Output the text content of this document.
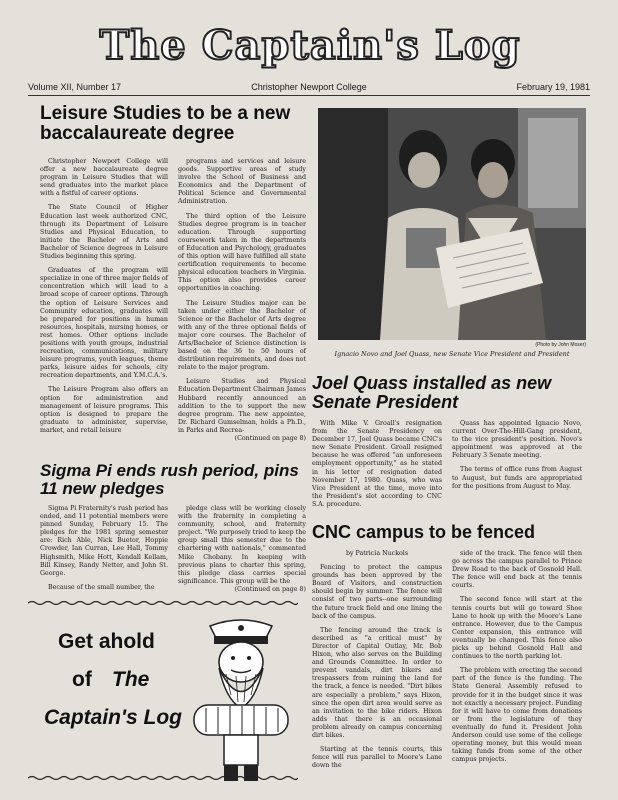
The Captain's Log
Volume XII, Number 17	Christopher Newport College	February 19, 1981
Leisure Studies to be a new baccalaureate degree

Christopher Newport College will offer a new baccalaureate degree program in Leisure Studies that will send graduates into the market place with a fistful of career options.

The State Council of Higher Education last week authorized CNC, through its Department of Leisure Studies and Physical Education, to initiate the Bachelor of Arts and Bachelor of Science degrees in Leisure Studies beginning this spring.

Graduates of the program will specialize in one of three major fields of concentration which will lead to a broad scope of career options. Through the option of Leisure Services and Community education, graduates will be prepared for positions in human resources, hospitals, nursing homes, or rest homes. Other options include positions with youth groups, industrial recreation, communications, military leisure programs, youth leagues, theme parks, leisure aides for schools, city recreation departments, and Y.M.C.A.'s.

The Leisure Program also offers an option for administration and management of leisure programs. This option is designed to prepare the graduate to administer, supervise, market, and retail leisure

programs and services and leisure goods. Supportive areas of study involve the School of Business and Economics and the Department of Political Science and Governmental Administration.

The third option of the Leisure Studies degree program is in teacher education. Through supporting coursework taken in the departments of Education and Psychology, graduates of this option will have fulfilled all state certification requirements to become physical education teachers in Virginia. This option also provides career opportunities in coaching.

The Leisure Studies major can be taken under either the Bachelor of Science or the Bachelor of Arts degree with any of the three optional fields of major core courses. The Bachelor of Arts/Bachelor of Science distinction is based on the 36 to 50 hours of distribution requirements, and does not relate to the major program.

Leisure Studies and Physical Education Department Chairman James Hubbard recently announced an addition to the to support the new degree program. The new appointee, Dr. Richard Gumselman, holds a Ph.D., in Parks and Recrea-

(Continued on page 8)

(Photo by John Moser)
Ignacio Novo and Joel Quass, new Senate Vice President and President
Joel Quass installed as new Senate President

With Mike V. Groall's resignation from the Senate Presidency on December 17, Joel Quass became CNC's new Senate President. Groall resigned because he was offered "an unforeseen employment opportunity," as he stated in his letter of resignation dated November 17, 1980. Quass, who was Vice President at the time, move into the President's slot according to CNC S.A. procedure.

Quass has appointed Ignacio Novo, current Over-The-Hill-Gang president, to the vice president's position. Novo's appointment was approved at the February 3 Senate meeting.

The terms of office runs from August to August, but funds are appropriated for the positions from August to May.

Sigma Pi ends rush period, pins 11 new pledges

Sigma Pi Fraternity's rush period has ended, and 11 potential members were pinned Sunday, February 15. The pledges for the 1981 spring semester are: Rich Able, Nick Buetor, Hoppie Crowder, Ian Curran, Lee Hall, Tommy Highsmith, Mike Hott, Kendall Kellam, Bill Kinsey, Randy Netter, and John St. George.

Because of the small number, the

pledge class will be working closely with the fraternity in completing a community, school, and fraternity project. "We purposely tried to keep the group small this semester due to the chartering with nationals," commented Mike Chobany. In keeping with previous plans to charter this spring, this pledge class carries special significance. This group will be the

(Continued on page 8)

Get ahold
of The
Captain's Log
CNC campus to be fenced

by Patricia Nuckols

Fencing to protect the campus grounds has been approved by the Board of Visitors, and construction should begin by summer. The fence will consist of two parts--one surrounding the future track field and one lining the back of the campus.

The fencing around the track is described as "a critical must" by Director of Capital Outlay, Mr. Bob Hixon, who also serves on the Building and Grounds Committee. In order to prevent vandals, dirt bikers and trespassers from ruining the land for the track, a fence is needed. "Dirt bikes are especially a problem," says Hixon, since the open dirt area would serve as an invitation to the bike riders. Hixon adds that there is an occasional problem already on campus concerning dirt bikes.

Starting at the tennis courts, this fence will run parallel to Moore's Lane down the

side of the track. The fence will then go across the campus parallel to Prince Drew Road to the back of Gosnold Hall. The fence will end back at the tennis courts.

The second fence will start at the tennis courts but will go toward Shoe Lane to hook up with the Moore's Lane entrance. However, due to the Campus Center expansion, this entrance will eventually be changed. This fence also picks up behind Gosnold Hall and continues to the north parking lot.

The problem with erecting the second part of the fence is the funding. The State General Assembly refused to provide for it in the budget since it was not exactly a necessary project. Funding for it will have to come from donations or from the legislature of they eventually do fund it. President John Anderson could use some of the college operating money, but this would mean taking funds from some of the other campus projects.
